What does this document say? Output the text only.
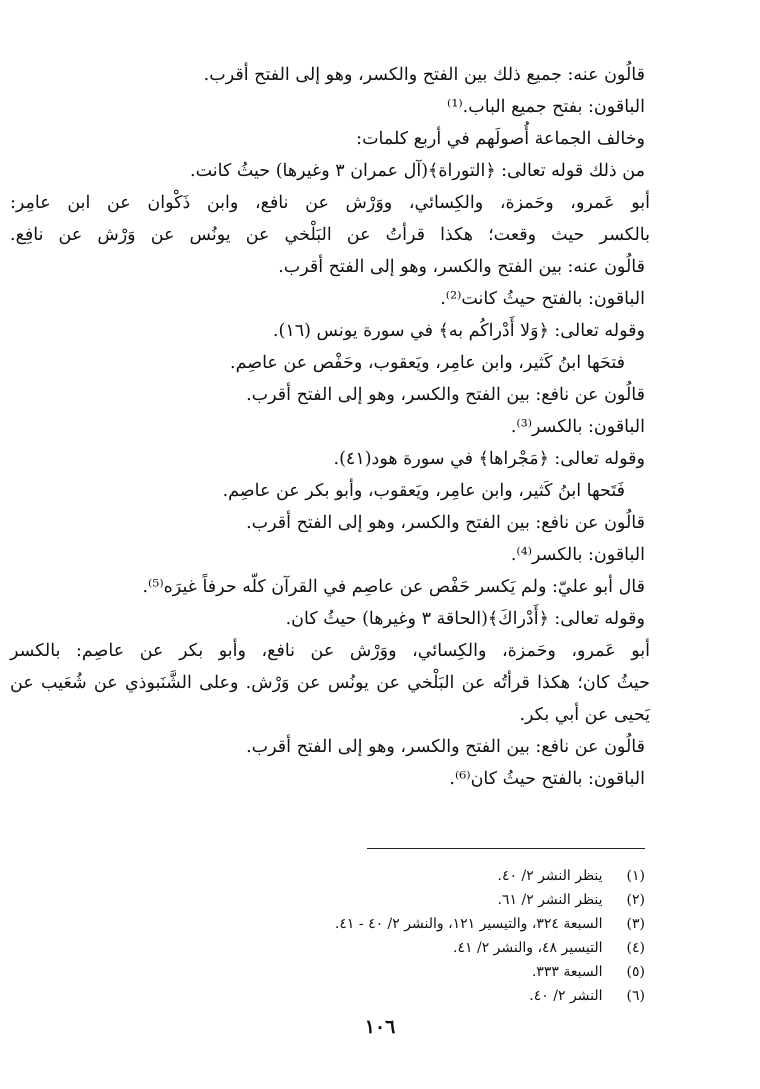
قالُون عنه: جميع ذلك بين الفتح والكسر، وهو إلى الفتح أقرب.
الباقون: بفتح جميع الباب.⁽¹⁾
وخالف الجماعة أُصولَهم في أربع كلمات:
من ذلك قوله تعالى: ﴿التوراة﴾(آل عمران ٣ وغيرها) حيثُ كانت.
أبو عَمرو، وحَمزة، والكِسائي، ووَرْش عن نافع، وابن ذَكْوان عن ابن عامِر:
بالكسر حيث وقعت؛ هكذا قرأتُ عن البَلْخي عن يونُس عن وَرْش عن نافِع.
قالُون عنه: بين الفتح والكسر، وهو إلى الفتح أقرب.
الباقون: بالفتح حيثُ كانت⁽²⁾.
وقوله تعالى: ﴿وَلا أَدْراكُم به﴾ في سورة يونس (١٦).
فتحَها ابنُ كَثير، وابن عامِر، ويَعقوب، وحَفْص عن عاصِم.
قالُون عن نافع: بين الفتح والكسر، وهو إلى الفتح أقرب.
الباقون: بالكسر⁽³⁾.
وقوله تعالى: ﴿مَجْراها﴾ في سورة هود(٤١).
فَتَحها ابنُ كَثير، وابن عامِر، ويَعقوب، وأبو بكر عن عاصِم.
قالُون عن نافع: بين الفتح والكسر، وهو إلى الفتح أقرب.
الباقون: بالكسر⁽⁴⁾.
قال أبو عليّ: ولم يَكسر حَفْص عن عاصِم في القرآن كلّه حرفاً غيرَه⁽⁵⁾.
وقوله تعالى: ﴿أَدْراكَ﴾(الحاقة ٣ وغيرها) حيثُ كان.
أبو عَمرو، وحَمزة، والكِسائي، ووَرْش عن نافع، وأبو بكر عن عاصِم: بالكسر
حيثُ كان؛ هكذا قرأتُه عن البَلْخي عن يونُس عن وَرْش. وعلى الشَّنَبوذي عن شُعَيب عن
يَحيى عن أبي بكر.
قالُون عن نافع: بين الفتح والكسر، وهو إلى الفتح أقرب.
الباقون: بالفتح حيثُ كان⁽⁶⁾.
(١) ينظر النشر ٢/ ٤٠.
(٢) ينظر النشر ٢/ ٦١.
(٣) السبعة ٣٢٤، والتيسير ١٢١، والنشر ٢/ ٤٠ - ٤١.
(٤) التيسير ٤٨، والنشر ٢/ ٤١.
(٥) السبعة ٣٣٣.
(٦) النشر ٢/ ٤٠.
١٠٦
